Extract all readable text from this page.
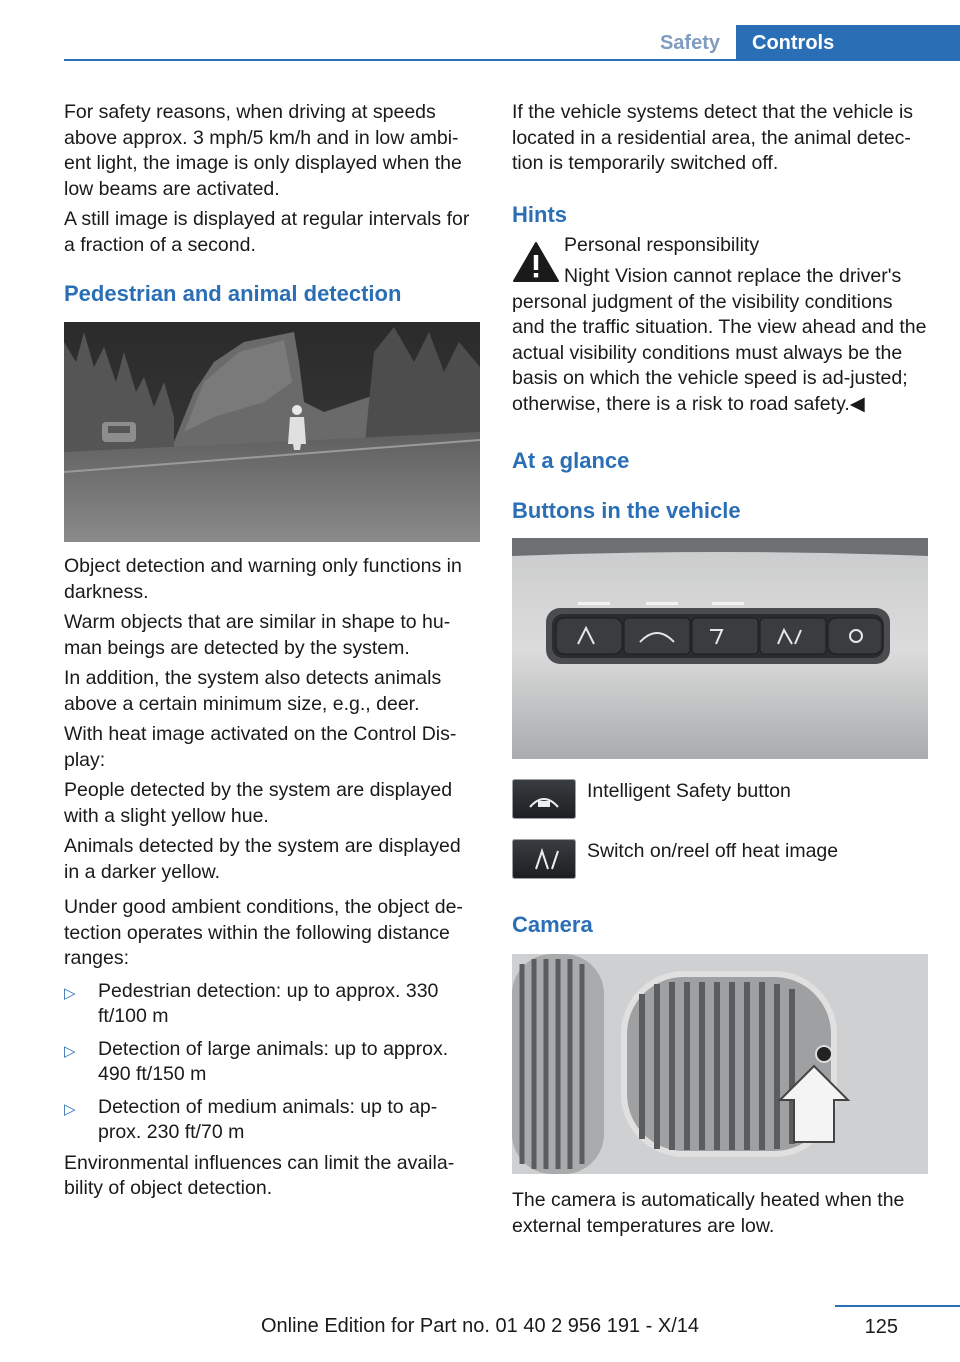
Safety	Controls

For safety reasons, when driving at speeds above approx. 3 mph/5 km/h and in low ambi-ent light, the image is only displayed when the low beams are activated.

A still image is displayed at regular intervals for a fraction of a second.

Pedestrian and animal detection

Object detection and warning only functions in darkness.

Warm objects that are similar in shape to hu-man beings are detected by the system.

In addition, the system also detects animals above a certain minimum size, e.g., deer.

With heat image activated on the Control Dis-play:

People detected by the system are displayed with a slight yellow hue.

Animals detected by the system are displayed in a darker yellow.

Under good ambient conditions, the object de-tection operates within the following distance ranges:

▷ Pedestrian detection: up to approx. 330 ft/100 m
▷ Detection of large animals: up to approx. 490 ft/150 m
▷ Detection of medium animals: up to ap-prox. 230 ft/70 m

Environmental influences can limit the availa-bility of object detection.

If the vehicle systems detect that the vehicle is located in a residential area, the animal detec-tion is temporarily switched off.

Hints

Personal responsibility

Night Vision cannot replace the driver's personal judgment of the visibility conditions and the traffic situation. The view ahead and the actual visibility conditions must always be the basis on which the vehicle speed is ad-justed; otherwise, there is a risk to road safety.◀

At a glance
Buttons in the vehicle
Intelligent Safety button
Switch on/reel off heat image
Camera

The camera is automatically heated when the external temperatures are low.

125
Online Edition for Part no. 01 40 2 956 191 - X/14
